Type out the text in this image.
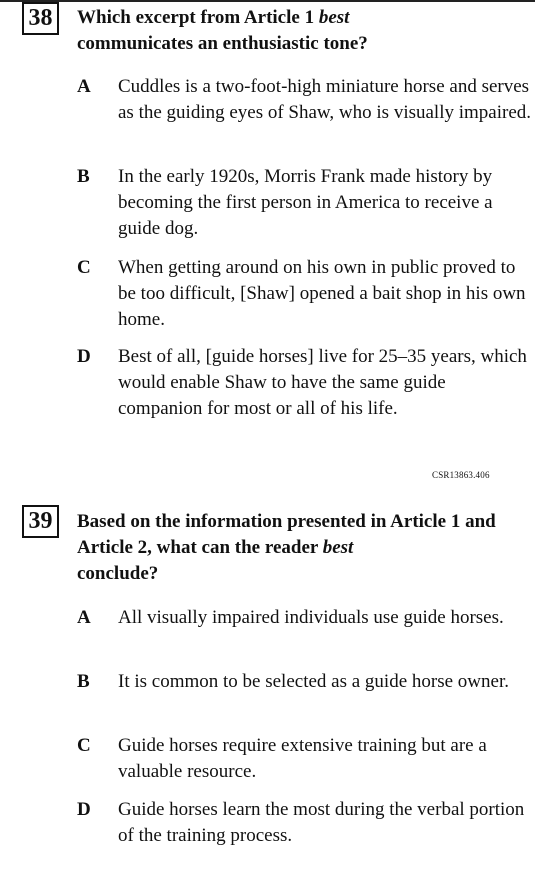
38	Which excerpt from Article 1 best
communicates an enthusiastic tone?
A Cuddles is a two-foot-high miniature horse and serves as the guiding eyes of Shaw, who is visually impaired.
B In the early 1920s, Morris Frank made history by becoming the first person in America to receive a guide dog.
C When getting around on his own in public proved to be too difficult, [Shaw] opened a bait shop in his own home.
D Best of all, [guide horses] live for 25–35 years, which would enable Shaw to have the same guide companion for most or all of his life.
CSR13863.406
39	Based on the information presented in Article 1 and Article 2, what can the reader best
conclude?
A All visually impaired individuals use guide horses.
B It is common to be selected as a guide horse owner.
C Guide horses require extensive training but are a valuable resource.
D Guide horses learn the most during the verbal portion of the training process.
